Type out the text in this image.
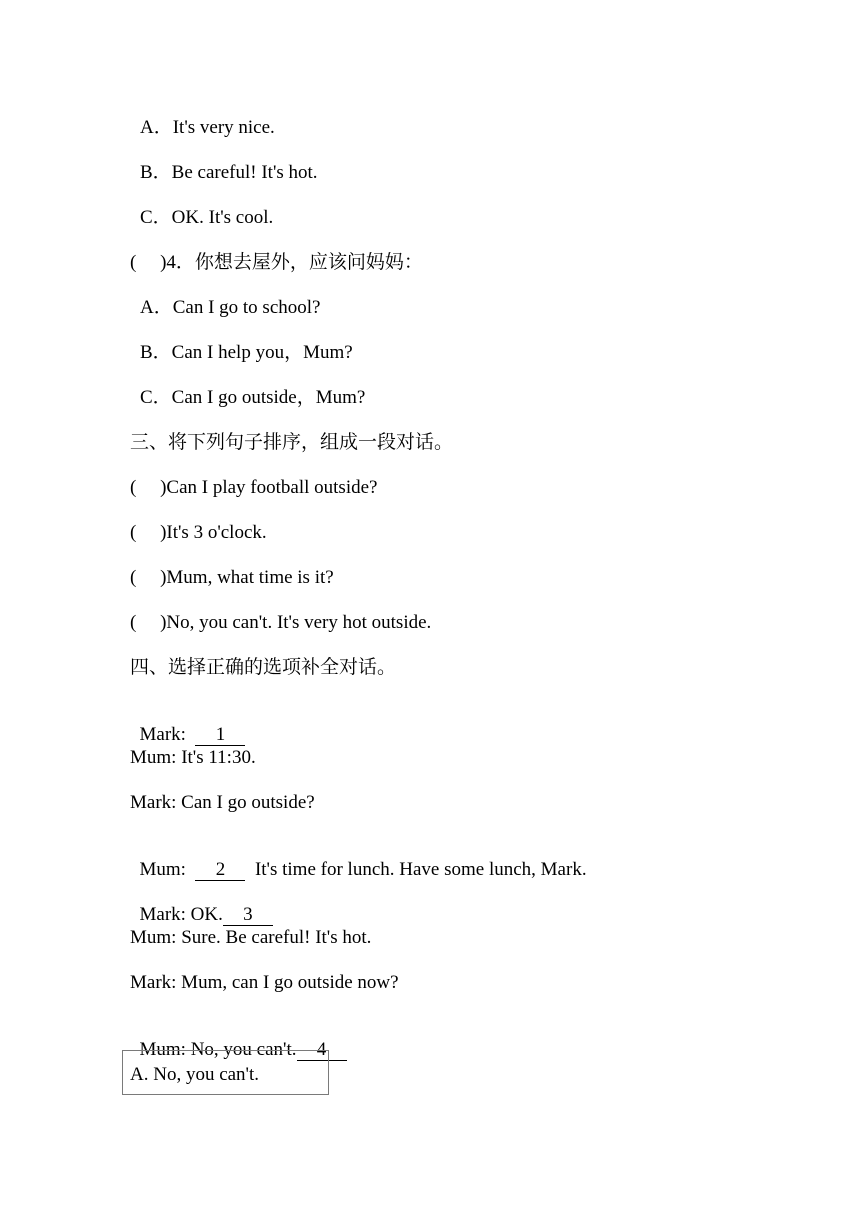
A．It's very nice.
B．Be careful! It's hot.
C．OK. It's cool.
(　 )4．你想去屋外，应该问妈妈：
A．Can I go to school?
B．Can I help you，Mum?
C．Can I go outside，Mum?
三、将下列句子排序，组成一段对话。
(　 )Can I play football outside?
(　 )It's 3 o'clock.
(　 )Mum, what time is it?
(　 )No, you can't. It's very hot outside.
四、选择正确的选项补全对话。

Mark:  1

Mum: It's 11:30.
Mark: Can I go outside?

Mum:  2  It's time for lunch. Have some lunch, Mark.

Mark: OK. 3

Mum: Sure. Be careful! It's hot.
Mark: Mum, can I go outside now?

Mum: No, you can't. 4

A. No, you can't.
